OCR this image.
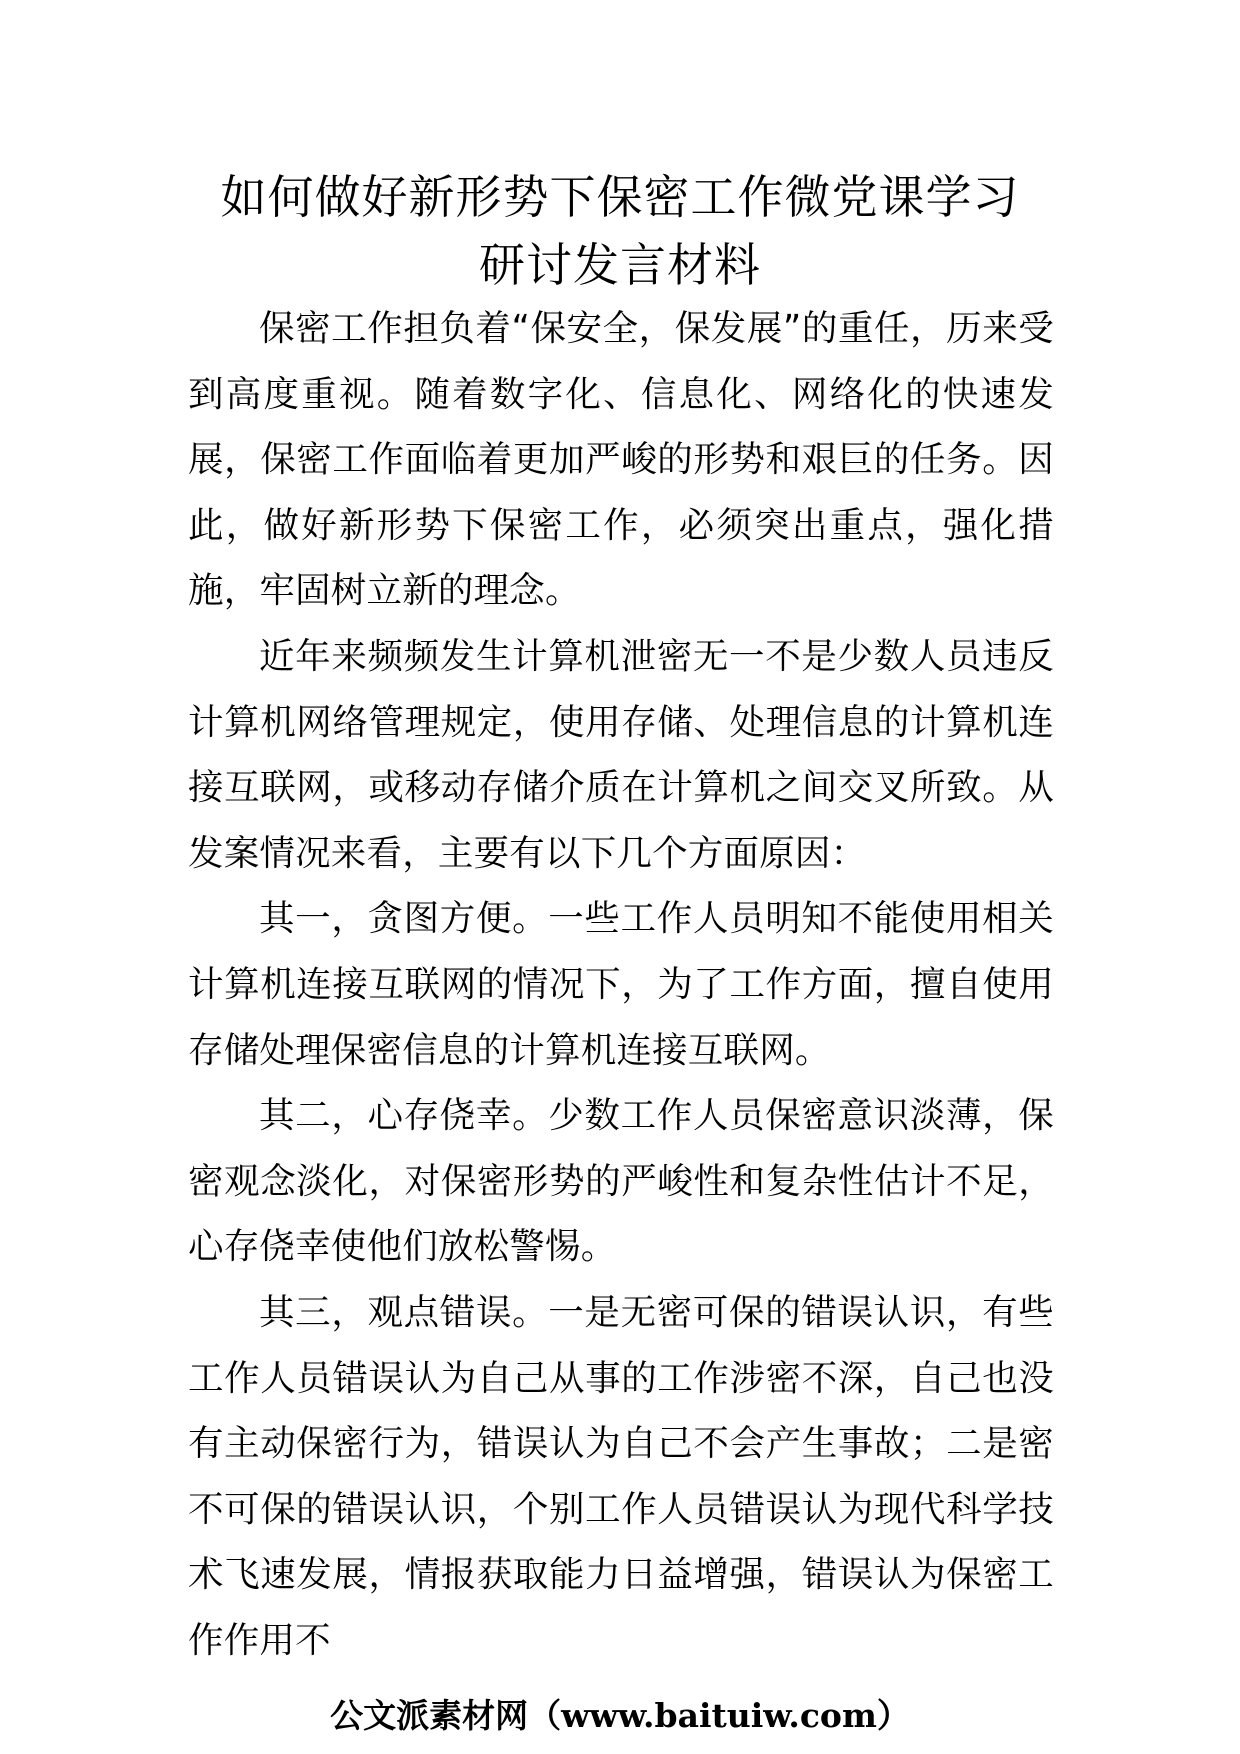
如何做好新形势下保密工作微党课学习
研讨发言材料

保密工作担负着“保安全，保发展”的重任，历来受到高度重视。随着数字化、信息化、网络化的快速发展，保密工作面临着更加严峻的形势和艰巨的任务。因此，做好新形势下保密工作，必须突出重点，强化措施，牢固树立新的理念。

近年来频频发生计算机泄密无一不是少数人员违反计算机网络管理规定，使用存储、处理信息的计算机连接互联网，或移动存储介质在计算机之间交叉所致。从发案情况来看，主要有以下几个方面原因：

其一，贪图方便。一些工作人员明知不能使用相关计算机连接互联网的情况下，为了工作方面，擅自使用存储处理保密信息的计算机连接互联网。

其二，心存侥幸。少数工作人员保密意识淡薄，保密观念淡化，对保密形势的严峻性和复杂性估计不足，心存侥幸使他们放松警惕。

其三，观点错误。一是无密可保的错误认识，有些工作人员错误认为自己从事的工作涉密不深，自己也没有主动保密行为，错误认为自己不会产生事故；二是密不可保的错误认识，个别工作人员错误认为现代科学技术飞速发展，情报获取能力日益增强，错误认为保密工作作用不

公文派素材网（www.baituiw.com）
